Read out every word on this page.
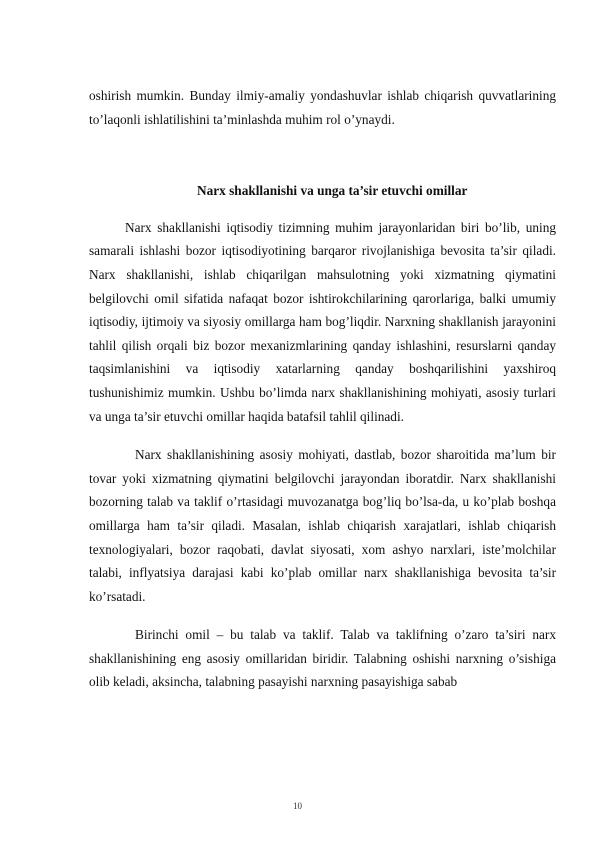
oshirish mumkin. Bunday ilmiy-amaliy yondashuvlar ishlab chiqarish quvvatlarining to’laqonli ishlatilishini ta’minlashda muhim rol o’ynaydi.

Narx shakllanishi va unga ta’sir etuvchi omillar

Narx shakllanishi iqtisodiy tizimning muhim jarayonlaridan biri bo’lib, uning samarali ishlashi bozor iqtisodiyotining barqaror rivojlanishiga bevosita ta’sir qiladi. Narx shakllanishi, ishlab chiqarilgan mahsulotning yoki xizmatning qiymatini belgilovchi omil sifatida nafaqat bozor ishtirokchilarining qarorlariga, balki umumiy iqtisodiy, ijtimoiy va siyosiy omillarga ham bog’liqdir. Narxning shakllanish jarayonini tahlil qilish orqali biz bozor mexanizmlarining qanday ishlashini, resurslarni qanday taqsimlanishini va iqtisodiy xatarlarning qanday boshqarilishini yaxshiroq tushunishimiz mumkin. Ushbu bo’limda narx shakllanishining mohiyati, asosiy turlari va unga ta’sir etuvchi omillar haqida batafsil tahlil qilinadi.

Narx shakllanishining asosiy mohiyati, dastlab, bozor sharoitida ma’lum bir tovar yoki xizmatning qiymatini belgilovchi jarayondan iboratdir. Narx shakllanishi bozorning talab va taklif o’rtasidagi muvozanatga bog’liq bo’lsa-da, u ko’plab boshqa omillarga ham ta’sir qiladi. Masalan, ishlab chiqarish xarajatlari, ishlab chiqarish texnologiyalari, bozor raqobati, davlat siyosati, xom ashyo narxlari, iste’molchilar talabi, inflyatsiya darajasi kabi ko’plab omillar narx shakllanishiga bevosita ta’sir ko’rsatadi.

Birinchi omil – bu talab va taklif. Talab va taklifning o’zaro ta’siri narx shakllanishining eng asosiy omillaridan biridir. Talabning oshishi narxning o’sishiga olib keladi, aksincha, talabning pasayishi narxning pasayishiga sabab

10
